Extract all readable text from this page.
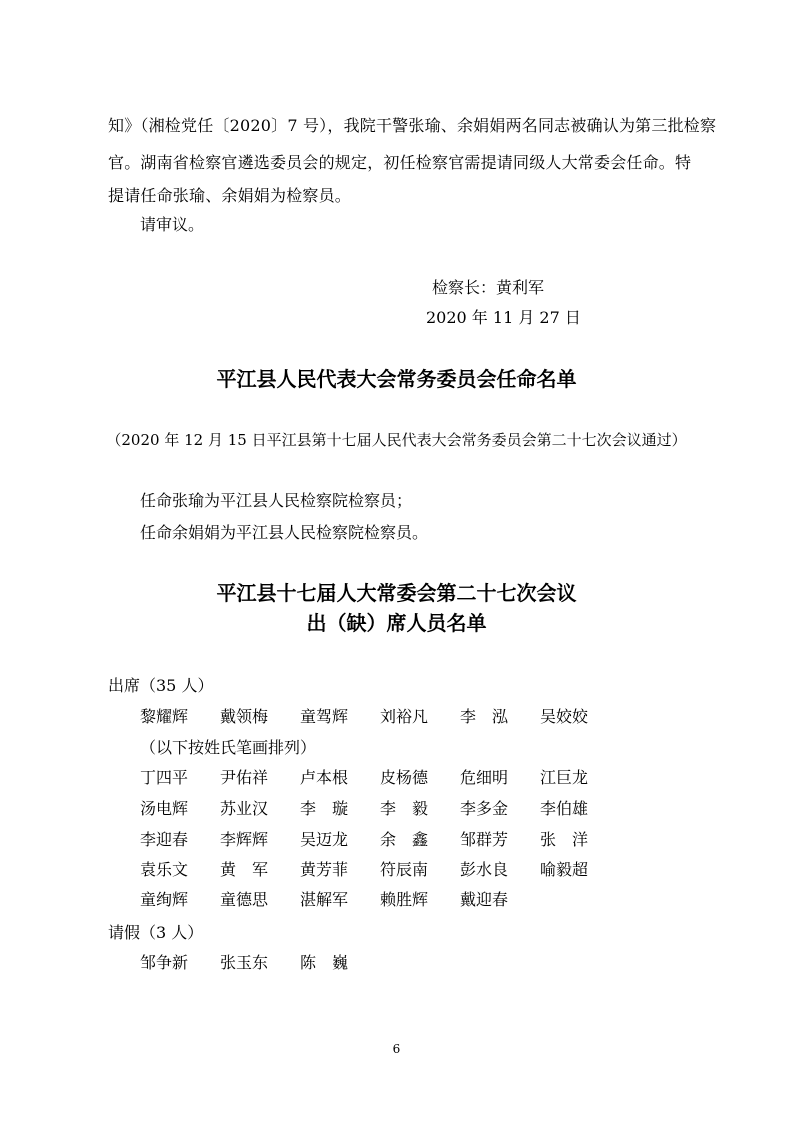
知》（湘检党任〔2020〕7 号），我院干警张瑜、余娟娟两名同志被确认为第三批检察
官。湖南省检察官遴选委员会的规定，初任检察官需提请同级人大常委会任命。特
提请任命张瑜、余娟娟为检察员。
请审议。
检察长：黄利军
2020 年 11 月 27 日
平江县人民代表大会常务委员会任命名单
（2020 年 12 月 15 日平江县第十七届人民代表大会常务委员会第二十七次会议通过）
任命张瑜为平江县人民检察院检察员；
任命余娟娟为平江县人民检察院检察员。
平江县十七届人大常委会第二十七次会议
出（缺）席人员名单
出席（35 人）
黎耀辉	戴领梅	童驾辉	刘裕凡	李　泓	吴姣姣
（以下按姓氏笔画排列）
丁四平	尹佑祥	卢本根	皮杨德	危细明	江巨龙
汤电辉	苏业汉	李　璇	李　毅	李多金	李伯雄
李迎春	李辉辉	吴迈龙	余　鑫	邹群芳	张　洋
袁乐文	黄　军	黄芳菲	符辰南	彭水良	喻毅超
童绚辉	童德思	湛解军	赖胜辉	戴迎春
请假（3 人）
邹争新	张玉东	陈　巍
6
